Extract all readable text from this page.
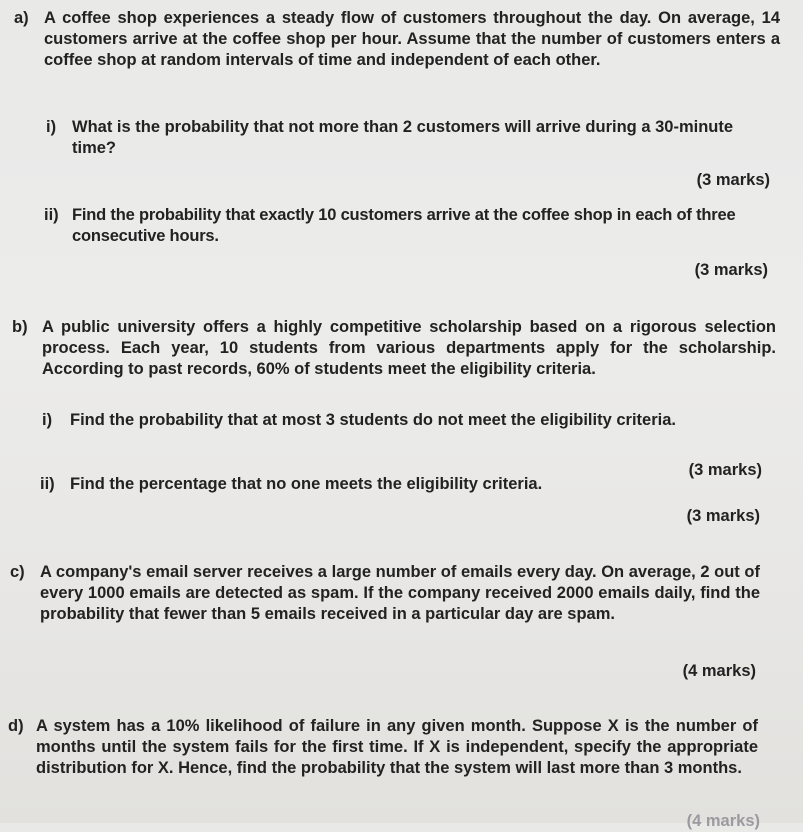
a) A coffee shop experiences a steady flow of customers throughout the day. On average, 14 customers arrive at the coffee shop per hour. Assume that the number of customers enters a coffee shop at random intervals of time and independent of each other.
i) What is the probability that not more than 2 customers will arrive during a 30-minute time?
(3 marks)
ii) Find the probability that exactly 10 customers arrive at the coffee shop in each of three consecutive hours.
(3 marks)
b) A public university offers a highly competitive scholarship based on a rigorous selection process. Each year, 10 students from various departments apply for the scholarship. According to past records, 60% of students meet the eligibility criteria.
i) Find the probability that at most 3 students do not meet the eligibility criteria.
(3 marks)
ii) Find the percentage that no one meets the eligibility criteria.
(3 marks)
c) A company's email server receives a large number of emails every day. On average, 2 out of every 1000 emails are detected as spam. If the company received 2000 emails daily, find the probability that fewer than 5 emails received in a particular day are spam.
(4 marks)
d) A system has a 10% likelihood of failure in any given month. Suppose X is the number of months until the system fails for the first time. If X is independent, specify the appropriate distribution for X. Hence, find the probability that the system will last more than 3 months.
(4 marks)
